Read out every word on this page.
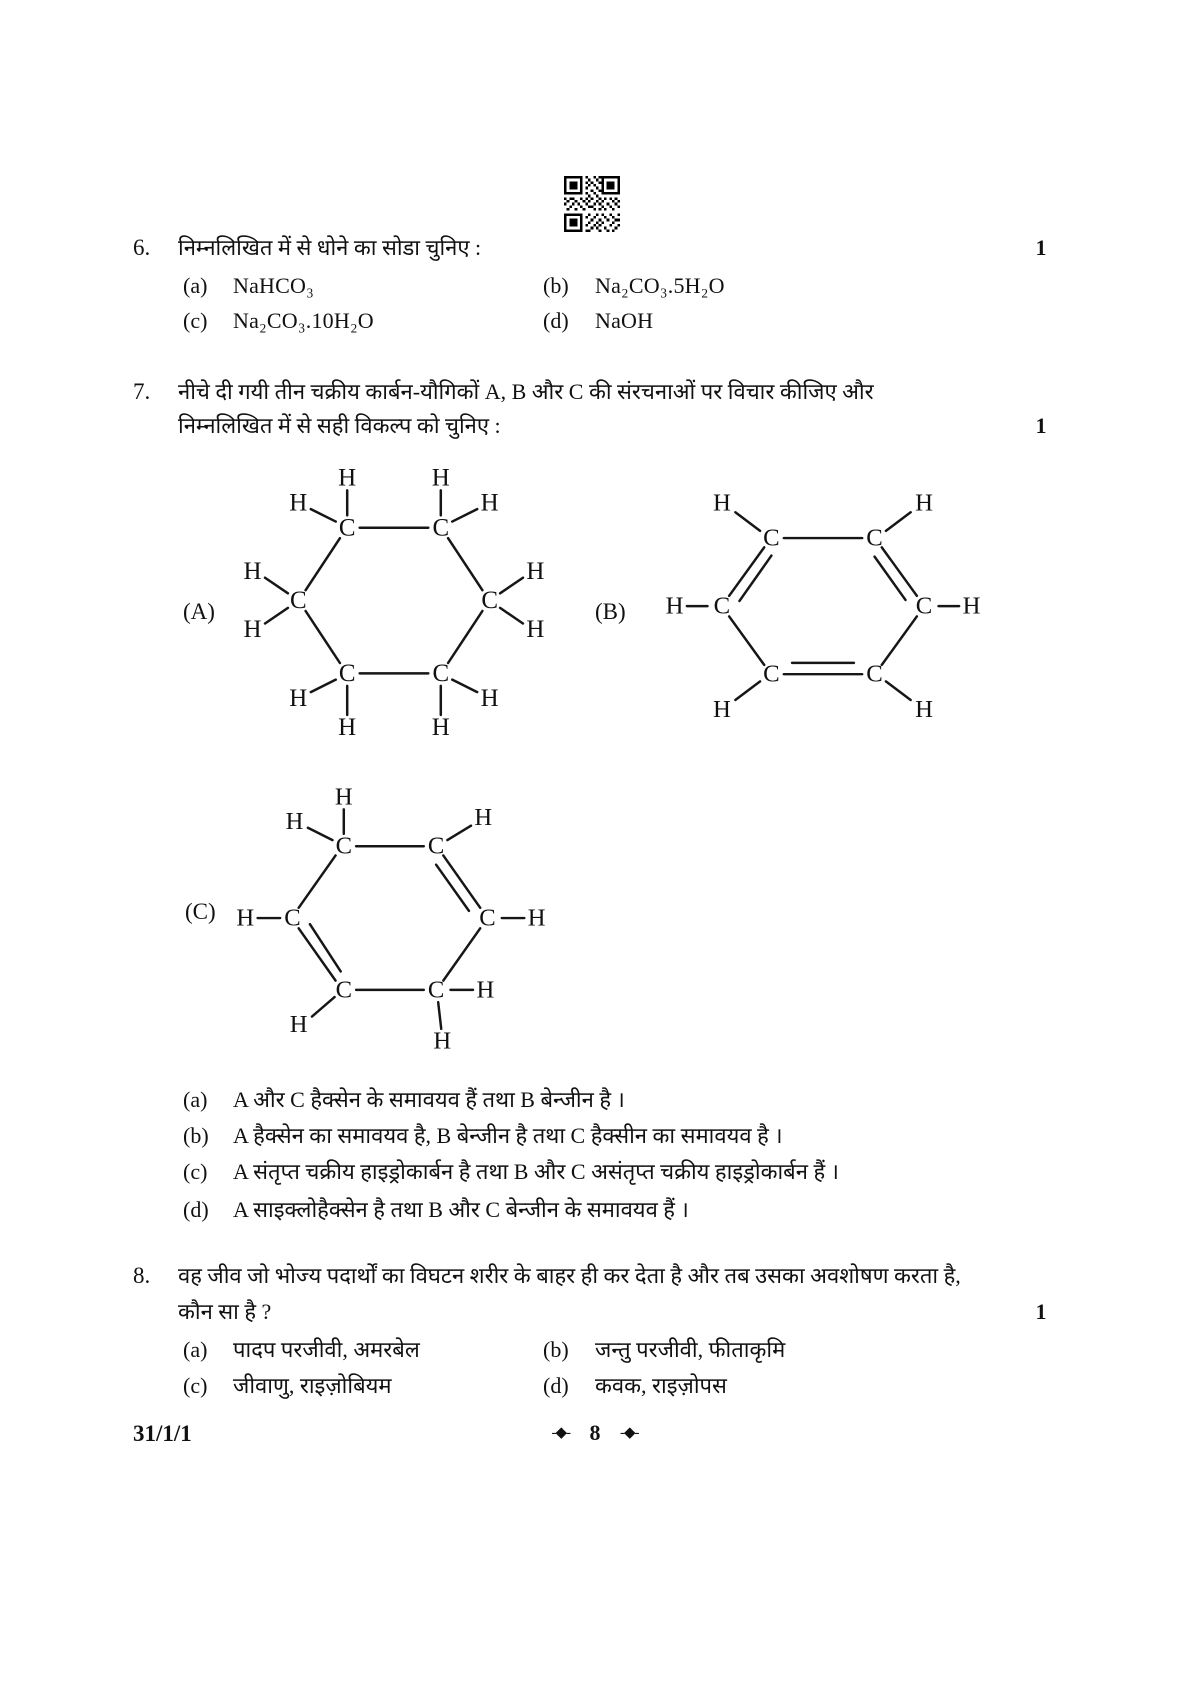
6. निम्नलिखित में से धोने का सोडा चुनिए :	1
(a) NaHCO₃	(b) Na₂CO₃.5H₂O
(c) Na₂CO₃.10H₂O	(d) NaOH
7. नीचे दी गयी तीन चक्रीय कार्बन-यौगिकों A, B और C की संरचनाओं पर विचार कीजिए और
निम्नलिखित में से सही विकल्प को चुनिए :	1
(A)
C	C
C
C
C
C
H
H
H
H
H
H
H
H
H
H
H
H
(B)
C	C
C
C
C
C
H	H
H	H
H	H
(C)
C	C
C
C
C
C
H
H	H
H
H
H
H
H
(a) A और C हैक्सेन के समावयव हैं तथा B बेन्जीन है ।
(b) A हैक्सेन का समावयव है, B बेन्जीन है तथा C हैक्सीन का समावयव है ।
(c) A संतृप्त चक्रीय हाइड्रोकार्बन है तथा B और C असंतृप्त चक्रीय हाइड्रोकार्बन हैं ।
(d) A साइक्लोहैक्सेन है तथा B और C बेन्जीन के समावयव हैं ।
8. वह जीव जो भोज्य पदार्थों का विघटन शरीर के बाहर ही कर देता है और तब उसका अवशोषण करता है,
कौन सा है ?	1
(a) पादप परजीवी, अमरबेल	(b) जन्तु परजीवी, फीताकृमि
(c) जीवाणु, राइज़ोबियम	(d) कवक, राइज़ोपस
31/1/1	-◆- 8 -◆-
